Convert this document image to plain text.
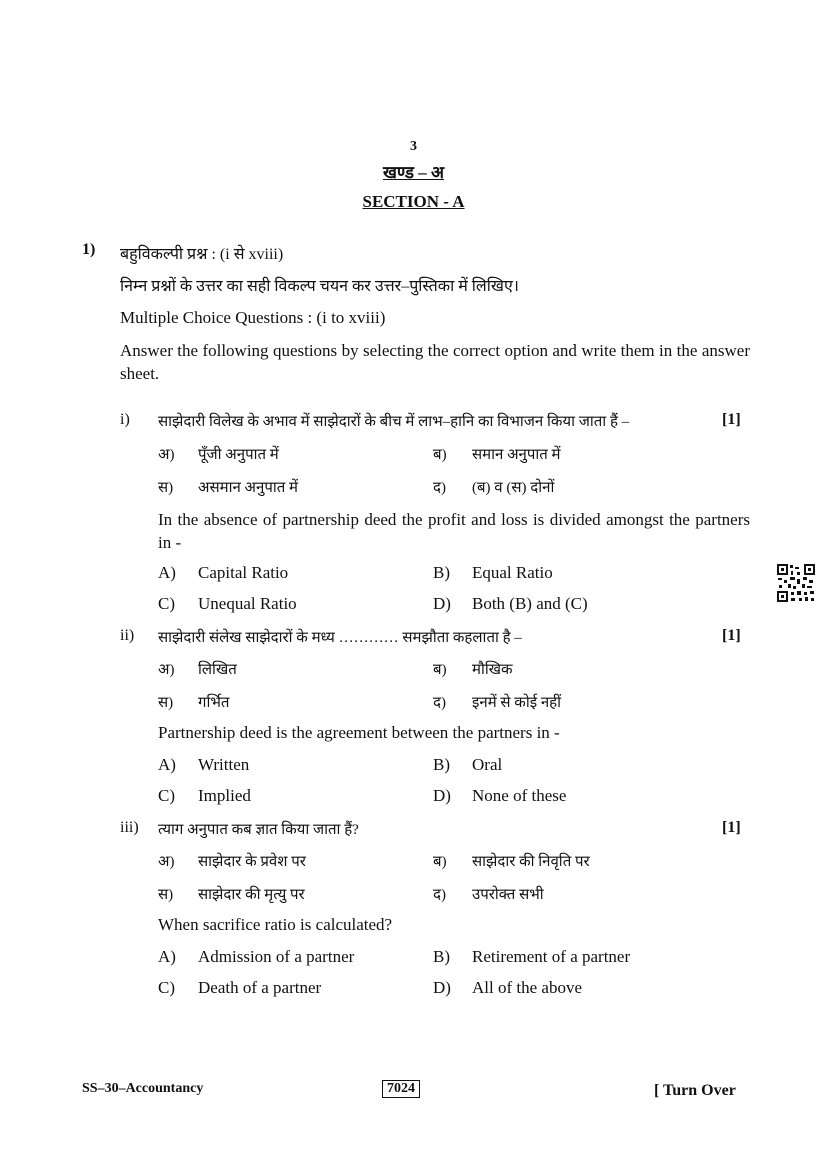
3
खण्ड – अ
SECTION - A
1) बहुविकल्पी प्रश्न : (i से xviii)
निम्न प्रश्नों के उत्तर का सही विकल्प चयन कर उत्तर–पुस्तिका में लिखिए।
Multiple Choice Questions : (i to xviii)
Answer the following questions by selecting the correct option and write them in the answer sheet.
i) साझेदारी विलेख के अभाव में साझेदारों के बीच में लाभ–हानि का विभाजन किया जाता हैं –	[1]
अ) पूँजी अनुपात में	ब) समान अनुपात में
स) असमान अनुपात में	द) (ब) व (स) दोनों
In the absence of partnership deed the profit and loss is divided amongst the partners in -
A) Capital Ratio	B) Equal Ratio
C) Unequal Ratio	D) Both (B) and (C)
ii) साझेदारी संलेख साझेदारों के मध्य ………… समझौता कहलाता है –	[1]
अ) लिखित	ब) मौखिक
स) गर्भित	द) इनमें से कोई नहीं
Partnership deed is the agreement between the partners in -
A) Written	B) Oral
C) Implied	D) None of these
iii) त्याग अनुपात कब ज्ञात किया जाता हैं?	[1]
अ) साझेदार के प्रवेश पर	ब) साझेदार की निवृति पर
स) साझेदार की मृत्यु पर	द) उपरोक्त सभी
When sacrifice ratio is calculated?
A) Admission of a partner	B) Retirement of a partner
C) Death of a partner	D) All of the above
SS–30–Accountancy	7024	[ Turn Over
